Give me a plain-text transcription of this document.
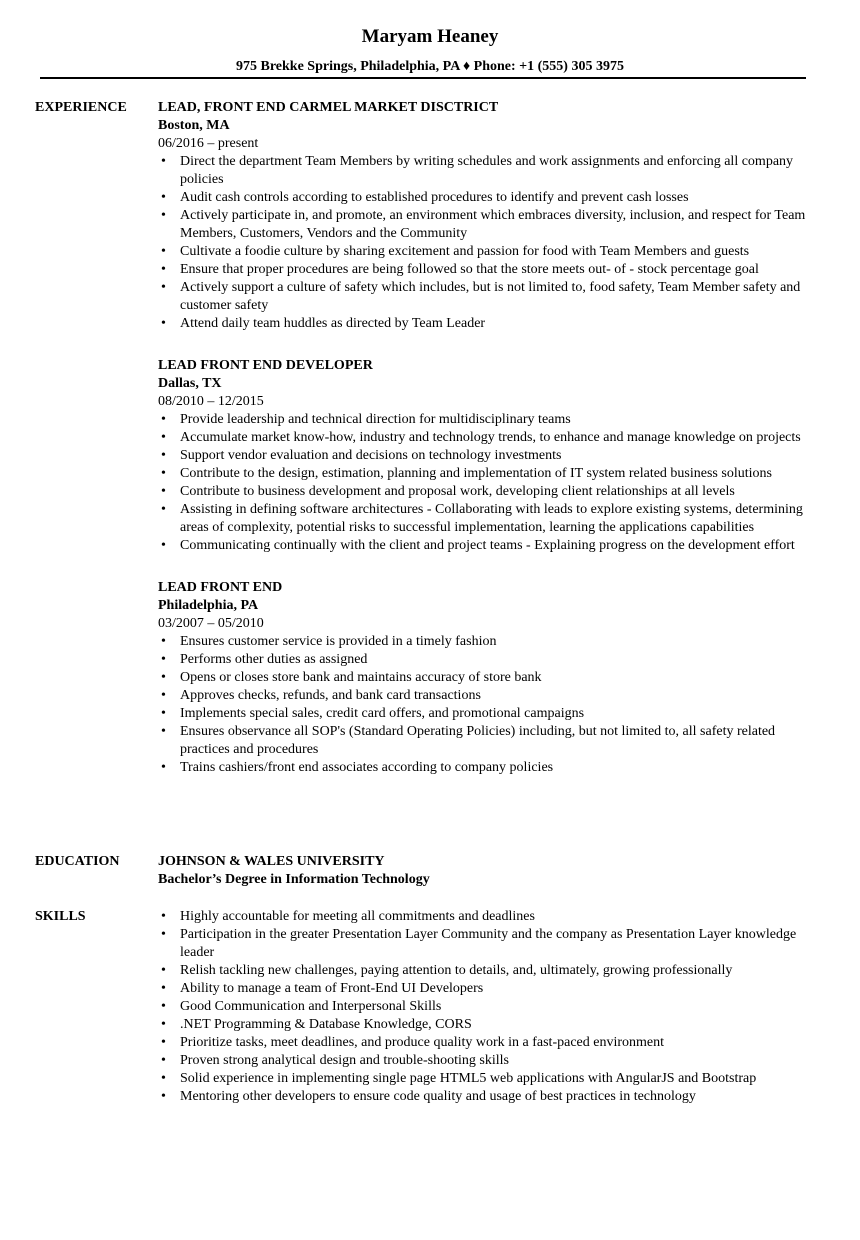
Maryam Heaney
975 Brekke Springs, Philadelphia, PA ♦ Phone: +1 (555) 305 3975
EXPERIENCE LEAD, FRONT END CARMEL MARKET DISCTRICT
Boston, MA
06/2016 – present
• Direct the department Team Members by writing schedules and work assignments and enforcing all company policies
• Audit cash controls according to established procedures to identify and prevent cash losses
• Actively participate in, and promote, an environment which embraces diversity, inclusion, and respect for Team Members, Customers, Vendors and the Community
• Cultivate a foodie culture by sharing excitement and passion for food with Team Members and guests
• Ensure that proper procedures are being followed so that the store meets out- of - stock percentage goal
• Actively support a culture of safety which includes, but is not limited to, food safety, Team Member safety and customer safety
• Attend daily team huddles as directed by Team Leader
LEAD FRONT END DEVELOPER
Dallas, TX
08/2010 – 12/2015
• Provide leadership and technical direction for multidisciplinary teams
• Accumulate market know-how, industry and technology trends, to enhance and manage knowledge on projects
• Support vendor evaluation and decisions on technology investments
• Contribute to the design, estimation, planning and implementation of IT system related business solutions
• Contribute to business development and proposal work, developing client relationships at all levels
• Assisting in defining software architectures - Collaborating with leads to explore existing systems, determining areas of complexity, potential risks to successful implementation, learning the applications capabilities
• Communicating continually with the client and project teams - Explaining progress on the development effort
LEAD FRONT END
Philadelphia, PA
03/2007 – 05/2010
• Ensures customer service is provided in a timely fashion
• Performs other duties as assigned
• Opens or closes store bank and maintains accuracy of store bank
• Approves checks, refunds, and bank card transactions
• Implements special sales, credit card offers, and promotional campaigns
• Ensures observance all SOP's (Standard Operating Policies) including, but not limited to, all safety related practices and procedures
• Trains cashiers/front end associates according to company policies
EDUCATION	JOHNSON & WALES UNIVERSITY
Bachelor’s Degree in Information Technology
SKILLS
•	Highly accountable for meeting all commitments and deadlines
• Participation in the greater Presentation Layer Community and the company as Presentation Layer knowledge leader
• Relish tackling new challenges, paying attention to details, and, ultimately, growing professionally
• Ability to manage a team of Front-End UI Developers
• Good Communication and Interpersonal Skills
• .NET Programming & Database Knowledge, CORS
• Prioritize tasks, meet deadlines, and produce quality work in a fast-paced environment
• Proven strong analytical design and trouble-shooting skills
• Solid experience in implementing single page HTML5 web applications with AngularJS and Bootstrap
• Mentoring other developers to ensure code quality and usage of best practices in technology
